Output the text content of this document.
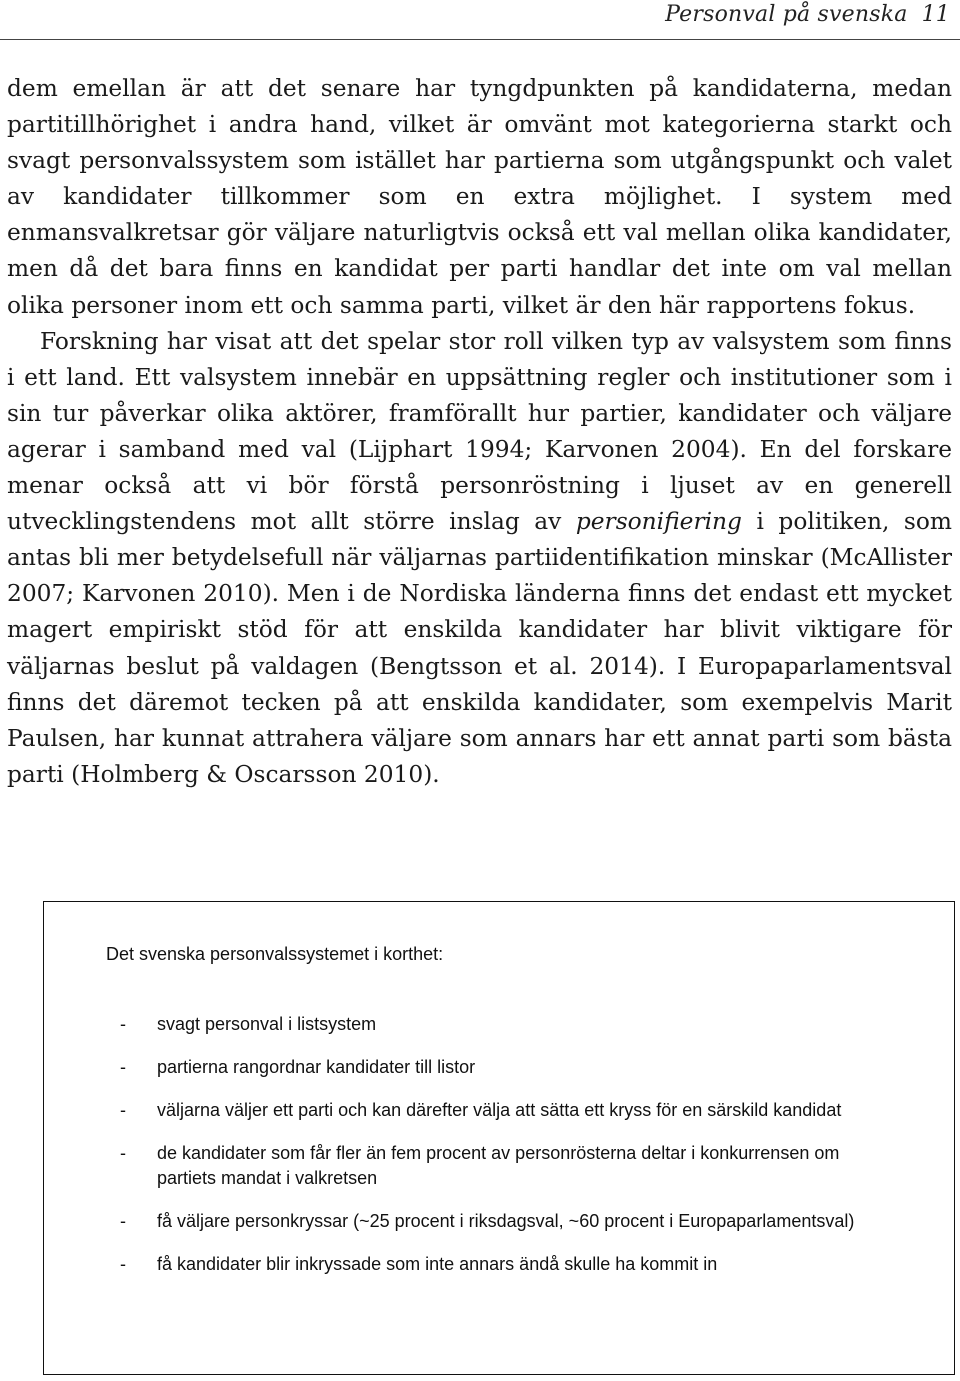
Personval på svenska 11

dem emellan är att det senare har tyngdpunkten på kandidaterna, medan partitillhörighet i andra hand, vilket är omvänt mot kategorierna starkt och svagt personvalssystem som istället har partierna som utgångspunkt och valet av kandidater tillkommer som en extra möjlighet. I system med enmansvalkretsar gör väljare naturligtvis också ett val mellan olika kandidater, men då det bara finns en kandidat per parti handlar det inte om val mellan olika personer inom ett och samma parti, vilket är den här rapportens fokus.

Forskning har visat att det spelar stor roll vilken typ av valsystem som finns i ett land. Ett valsystem innebär en uppsättning regler och institutioner som i sin tur påverkar olika aktörer, framförallt hur partier, kandidater och väljare agerar i samband med val (Lijphart 1994; Karvonen 2004). En del forskare menar också att vi bör förstå personröstning i ljuset av en generell utvecklingstendens mot allt större inslag av personifiering i politiken, som antas bli mer betydelsefull när väljarnas partiidentifikation minskar (McAllister 2007; Karvonen 2010). Men i de Nordiska länderna finns det endast ett mycket magert empiriskt stöd för att enskilda kandidater har blivit viktigare för väljarnas beslut på valdagen (Bengtsson et al. 2014). I Europaparlamentsval finns det däremot tecken på att enskilda kandidater, som exempelvis Marit Paulsen, har kunnat attrahera väljare som annars har ett annat parti som bästa parti (Holmberg & Oscarsson 2010).

Det svenska personvalssystemet i korthet:
- svagt personval i listsystem
- partierna rangordnar kandidater till listor
- väljarna väljer ett parti och kan därefter välja att sätta ett kryss för en särskild kandidat
- de kandidater som får fler än fem procent av personrösterna deltar i konkurrensen om partiets mandat i valkretsen
- få väljare personkryssar (~25 procent i riksdagsval, ~60 procent i Europaparlamentsval)
- få kandidater blir inkryssade som inte annars ändå skulle ha kommit in
